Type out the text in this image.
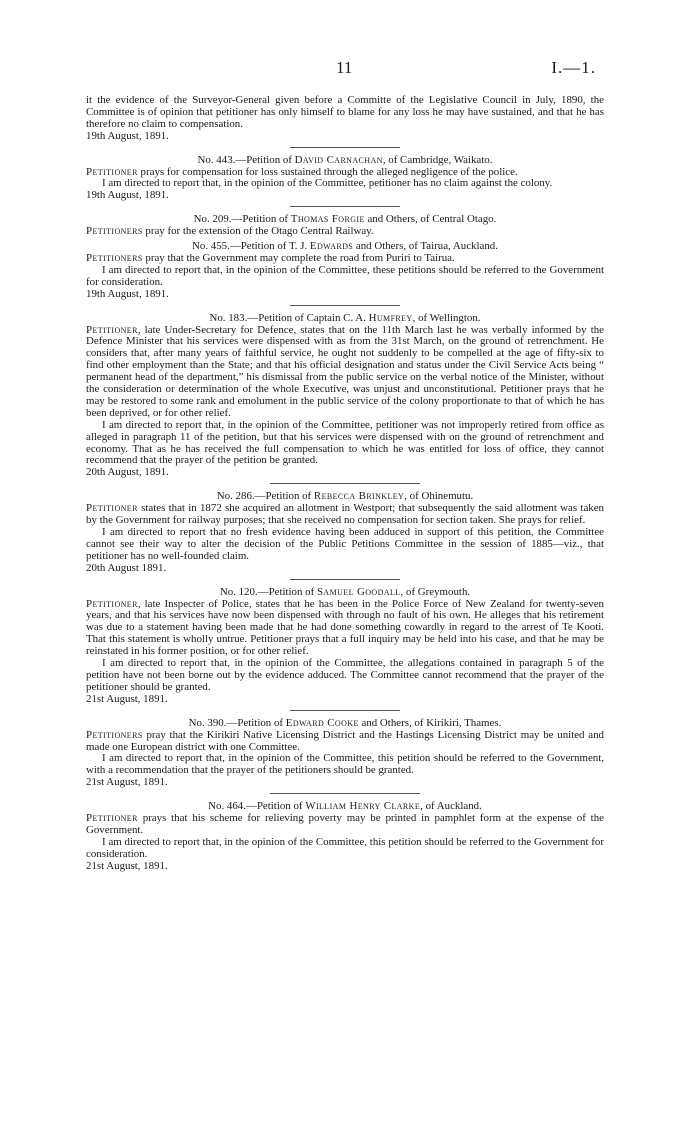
11	I.—1.

it the evidence of the Surveyor-General given before a Committe of the Legislative Council in July, 1890, the Committee is of opinion that petitioner has only himself to blame for any loss he may have sustained, and that he has therefore no claim to compensation.

19th August, 1891.

No. 443.—Petition of David Carnachan, of Cambridge, Waikato.

Petitioner prays for compensation for loss sustained through the alleged negligence of the police.

I am directed to report that, in the opinion of the Committee, petitioner has no claim against the colony.

19th August, 1891.

No. 209.—Petition of Thomas Forgie and Others, of Central Otago.

Petitioners pray for the extension of the Otago Central Railway.

No. 455.—Petition of T. J. Edwards and Others, of Tairua, Auckland.

Petitioners pray that the Government may complete the road from Puriri to Tairua.

I am directed to report that, in the opinion of the Committee, these petitions should be referred to the Government for consideration.

19th August, 1891.

No. 183.—Petition of Captain C. A. Humfrey, of Wellington.

Petitioner, late Under-Secretary for Defence, states that on the 11th March last he was verbally informed by the Defence Minister that his services were dispensed with as from the 31st March, on the ground of retrenchment. He considers that, after many years of faithful service, he ought not suddenly to be compelled at the age of fifty-six to find other employment than the State; and that his official designation and status under the Civil Service Acts being “ permanent head of the department,” his dismissal from the public service on the verbal notice of the Minister, without the consideration or determination of the whole Executive, was unjust and unconstitutional. Petitioner prays that he may be restored to some rank and emolument in the public service of the colony proportionate to that of which he has been deprived, or for other relief.

I am directed to report that, in the opinion of the Committee, petitioner was not improperly retired from office as alleged in paragraph 11 of the petition, but that his services were dispensed with on the ground of retrenchment and economy. That as he has received the full compensation to which he was entitled for loss of office, they cannot recommend that the prayer of the petition be granted.

20th August, 1891.

No. 286.—Petition of Rebecca Brinkley, of Ohinemutu.

Petitioner states that in 1872 she acquired an allotment in Westport; that subsequently the said allotment was taken by the Government for railway purposes; that she received no compensation for section taken. She prays for relief.

I am directed to report that no fresh evidence having been adduced in support of this petition, the Committee cannot see their way to alter the decision of the Public Petitions Committee in the session of 1885—viz., that petitioner has no well-founded claim.

20th August 1891.

No. 120.—Petition of Samuel Goodall, of Greymouth.

Petitioner, late Inspecter of Police, states that he has been in the Police Force of New Zealand for twenty-seven years, and that his services have now been dispensed with through no fault of his own. He alleges that his retirement was due to a statement having been made that he had done something cowardly in regard to the arrest of Te Kooti. That this statement is wholly untrue. Petitioner prays that a full inquiry may be held into his case, and that he may be reinstated in his former position, or for other relief.

I am directed to report that, in the opinion of the Committee, the allegations contained in paragraph 5 of the petition have not been borne out by the evidence adduced. The Committee cannot recommend that the prayer of the petitioner should be granted.

21st August, 1891.

No. 390.—Petition of Edward Cooke and Others, of Kirikiri, Thames.

Petitioners pray that the Kirikiri Native Licensing District and the Hastings Licensing District may be united and made one European district with one Committee.

I am directed to report that, in the opinion of the Committee, this petition should be referred to the Government, with a recommendation that the prayer of the petitioners should be granted.

21st August, 1891.

No. 464.—Petition of William Henry Clarke, of Auckland.

Petitioner prays that his scheme for relieving poverty may be printed in pamphlet form at the expense of the Government.

I am directed to report that, in the opinion of the Committee, this petition should be referred to the Government for consideration.

21st August, 1891.
